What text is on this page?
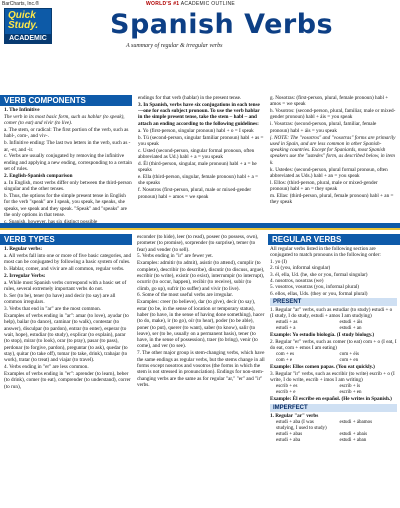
BarCharts, Inc.®	WORLD'S #1 ACADEMIC OUTLINE
Quick
Study.
ACADEMIC Spanish Verbs
A summary of regular & irregular verbs
VERB COMPONENTS

1. The Infinitive

The verb in its most basic form, such as hablar (to speak), comer (to eat) and vivir (to live).

a. The stem, or radical: The first portion of the verb, such as habl-, com-, and viv-.

b. Infinitive ending: The last two letters in the verb, such as -ar, -er, and -ir.

c. Verbs are usually conjugated by removing the infinitive ending and applying a new ending, corresponding to a certain set of rules.

2. English-Spanish comparison

a. In English, most verbs differ only between the third-person singular and the other tenses.

b. Thus, the options for the simple present tense in English for the verb "speak" are I speak, you speak, he speaks, she speaks, we speak and they speak. "Speak" and "speaks" are the only options in that tense.

c. Spanish, however, has six distinct possible

endings for that verb (hablar) in the present tense.

3. In Spanish, verbs have six conjugations in each tense—one for each subject pronoun. To use the verb hablar in the simple present tense, take the stem – habl – and attach an ending according to the following guidelines:

a. Yo (first-person, singular pronoun) habl + o = I speak

b. Tú (second-person, singular familiar pronoun) habl + as = you speak

c. Usted (second-person, singular formal pronoun, often abbreviated as Ud.) habl + a = you speak

d. Él (third-person, singular, male pronoun) habl + a = he speaks

e. Ella (third-person, singular, female pronoun) habl + a = she speaks

f. Nosotros (first-person, plural, male or mixed-gender pronoun) habl + amos = we speak

g. Nosotras: (first-person, plural, female pronoun) habl + amos = we speak

h. Vosotros: (second-person, plural, familiar, male or mixed-gender pronoun) habl + áis = you speak

i. Vosotras: (second-person, plural, familiar, female pronoun) habl + áis = you speak

j. NOTE: The "vosotros" and "vosotras" forms are primarily used in Spain, and are less common in other Spanish-speaking countries. Except for Spaniards, most Spanish speakers use the "ustedes" form, as described below, in item k.

k. Ustedes: (second-person, plural formal pronoun, often abbreviated as Uds.) habl + an = you speak

l. Ellos: (third-person, plural, male or mixed-gender pronoun) habl + an = they speak

m. Ellas: (third-person, plural, female pronoun) habl + an = they speak

VERB TYPES

1. Regular verbs:

a. All verbs fall into one or more of five basic categories, and most can be conjugated by following a basic system of rules.

b. Hablar, comer, and vivir are all common, regular verbs.

2. Irregular Verbs:

a. While most Spanish verbs correspond with a basic set of rules, several extremely important verbs do not.

b. Ser (to be), tener (to have) and decir (to say) are all common irregulars.

3. Verbs that end in "ar" are the most common.

Examples of verbs ending in "ar": amar (to love), ayudar (to help), bailar (to dance), caminar (to walk), contestar (to answer), disculpar (to pardon), entrar (to enter), esperar (to wait, hope), estudiar (to study), explicar (to explain), parar (to stop), mirar (to look), orar (to pray), pasar (to pass), perdonar (to forgive, pardon), preguntar (to ask), quedar (to stay), quitar (to take off), tomar (to take, drink), trabajar (to work), tratar (to treat) and viajar (to travel).

4. Verbs ending in "er" are less common.

Examples of verbs ending in "er": aprender (to learn), beber (to drink), comer (to eat), comprender (to understand), correr (to run),

esconder (to hide), leer (to read), poseer (to possess, own), prometer (to promise), sorprender (to surprise), temer (to fear) and vender (to sell).

5. Verbs ending in "ir" are fewer yet.

Examples: admitir (to admit), asistir (to attend), cumplir (to complete), describir (to describe), discutir (to discuss, argue), escribir (to write), existir (to exist), interrumpir (to interrupt), ocurrir (to occur, happen), recibir (to receive), subir (to climb, go up), sufrir (to suffer) and vivir (to live).

6. Some of the most useful verbs are irregular.

Examples: creer (to believe), dar (to give), decir (to say), estar (to be, in the sense of location or temporary status), haber (to have, in the sense of having done something), hacer (to do, make), ir (to go), oír (to hear), poder (to be able), poner (to put), querer (to want), saber (to know), salir (to leave), ser (to be, usually on a permanent basis), tener (to have, in the sense of possession), traer (to bring), venir (to come), and ver (to see).

7. The other major group is stem-changing verbs, which have the same endings as regular verbs, but the stems change in all forms except nosotros and vosotros (the forms in which the stem is not stressed in pronunciation). Endings for non-stem-changing verbs are the same as for regular "ar," "er" and "ir" verbs.

REGULAR VERBS

All regular verbs listed in the following section are conjugated to match pronouns in the following order:

1. yo (I)

2. tú (you, informal singular)

3. él, ella, Ud. (he, she or you, formal singular)

4. nosotros, nosotras (we)

5. vosotros, vosotras (you, informal plural)

6. ellos, ellas, Uds. (they or you, formal plural)

PRESENT

1. Regular "ar" verbs, such as estudiar (to study) estudi + o (I study, I do study, estudi + amos I am studying)

estudi + as	estudi + áis
estudi + a	estudi + an

Example: Yo estudio biología. (I study biology.)

2. Regular "er" verbs, such as comer (to eat) com + o (I eat, I do eat, com + emos I am eating)

com + es	com + éis
com + e	com + en

Example: Ellos comen papas. (You eat quickly.)

3. Regular "ir" verbs, such as escribir (to write) escrib + o (I write, I do write, escrib + imos I am writing)

escrib + es	escrib + ís
escrib + e	escrib + en

Example: Él escribe en español. (He writes in Spanish.)

IMPERFECT

1. Regular "ar" verbs

estudi + aba (I was studying, I used to study)
estudi + ábamos
estudi + abas	estudi + abais
estudi + aba	estudi + aban
